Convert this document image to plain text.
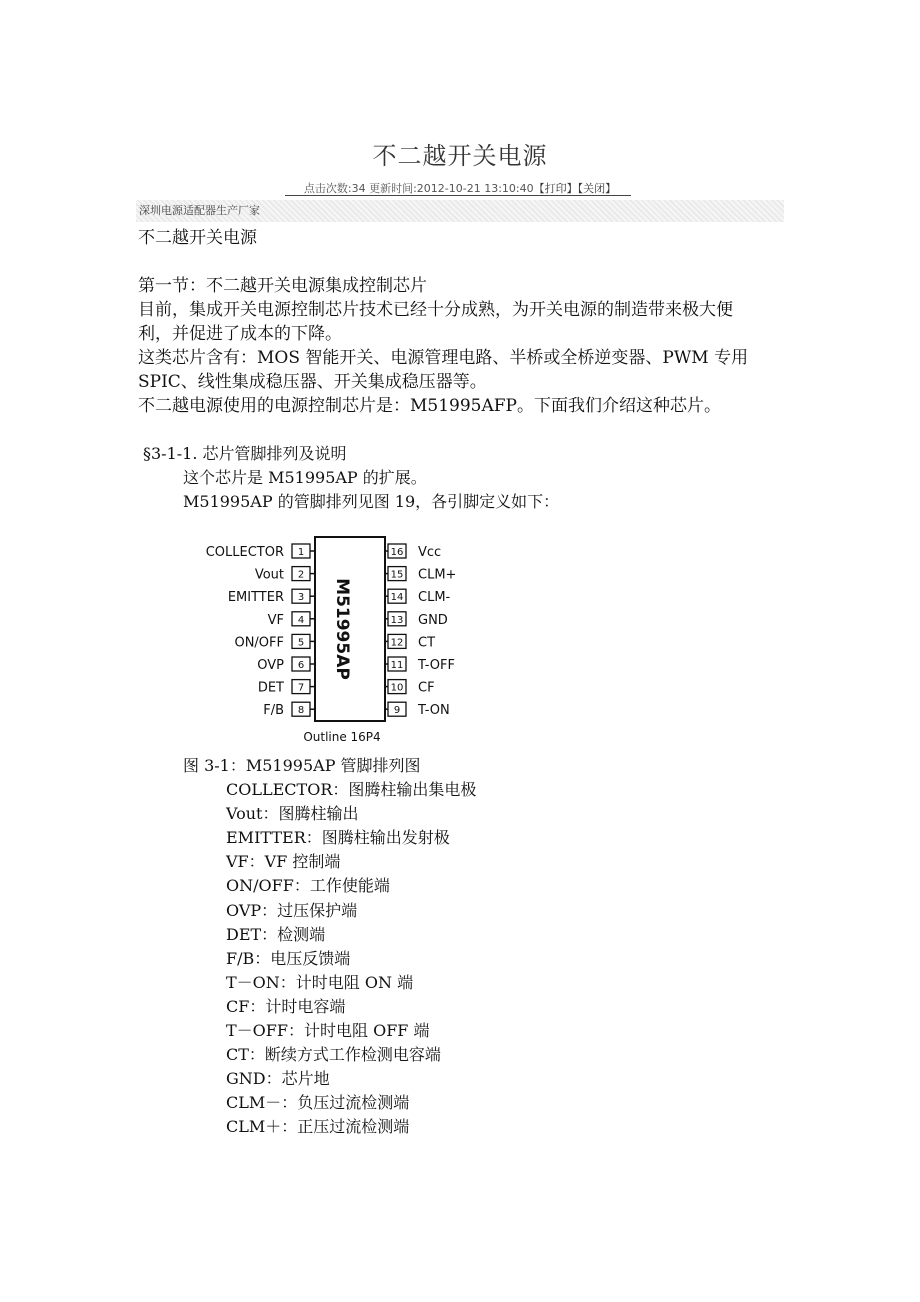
不二越开关电源
点击次数:34 更新时间:2012-10-21 13:10:40【打印】【关闭】
深圳电源适配器生产厂家
不二越开关电源
第一节：不二越开关电源集成控制芯片
目前，集成开关电源控制芯片技术已经十分成熟，为开关电源的制造带来极大便
利，并促进了成本的下降。
这类芯片含有：MOS 智能开关、电源管理电路、半桥或全桥逆变器、PWM 专用
SPIC、线性集成稳压器、开关集成稳压器等。
不二越电源使用的电源控制芯片是：M51995AFP。下面我们介绍这种芯片。
§3-1-1. 芯片管脚排列及说明
这个芯片是 M51995AP 的扩展。
M51995AP 的管脚排列见图 19，各引脚定义如下：
M51995AP
1
COLLECTOR
2
Vout
3
EMITTER
4
VF
5
ON/OFF
6
OVP
7
DET
8
F/B
16 Vcc
15 CLM+
14 CLM-
13 GND
12 CT
11 T-OFF
10 CF
9 T-ON
Outline 16P4
图 3-1：M51995AP 管脚排列图
COLLECTOR：图腾柱输出集电极
Vout：图腾柱输出
EMITTER：图腾柱输出发射极
VF：VF 控制端
ON/OFF：工作使能端
OVP：过压保护端
DET：检测端
F/B：电压反馈端
T－ON：计时电阻 ON 端
CF：计时电容端
T－OFF：计时电阻 OFF 端
CT：断续方式工作检测电容端
GND：芯片地
CLM－：负压过流检测端
CLM＋：正压过流检测端
